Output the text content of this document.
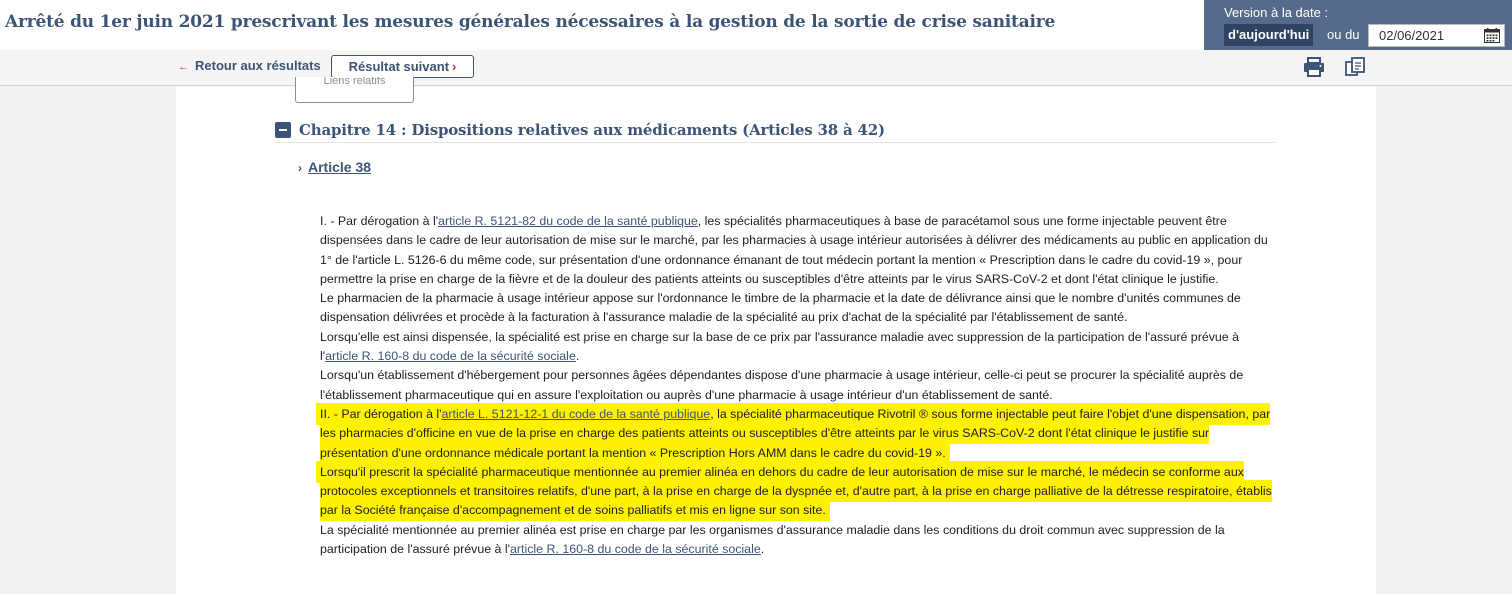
Arrêté du 1er juin 2021 prescrivant les mesures générales nécessaires à la gestion de la sortie de crise sanitaire	Version à la date :
d'aujourd'hui	ou du	02/06/2021
← Retour aux résultats	Résultat suivant ›
Liens relatifs
Chapitre 14 : Dispositions relatives aux médicaments (Articles 38 à 42)
› Article 38

I. - Par dérogation à l'article R. 5121-82 du code de la santé publique, les spécialités pharmaceutiques à base de paracétamol sous une forme injectable peuvent être dispensées dans le cadre de leur autorisation de mise sur le marché, par les pharmacies à usage intérieur autorisées à délivrer des médicaments au public en application du 1° de l'article L. 5126-6 du même code, sur présentation d'une ordonnance émanant de tout médecin portant la mention « Prescription dans le cadre du covid-19 », pour permettre la prise en charge de la fièvre et de la douleur des patients atteints ou susceptibles d'être atteints par le virus SARS-CoV-2 et dont l'état clinique le justifie.

Le pharmacien de la pharmacie à usage intérieur appose sur l'ordonnance le timbre de la pharmacie et la date de délivrance ainsi que le nombre d'unités communes de dispensation délivrées et procède à la facturation à l'assurance maladie de la spécialité au prix d'achat de la spécialité par l'établissement de santé.

Lorsqu'elle est ainsi dispensée, la spécialité est prise en charge sur la base de ce prix par l'assurance maladie avec suppression de la participation de l'assuré prévue à l'article R. 160-8 du code de la sécurité sociale.

Lorsqu'un établissement d'hébergement pour personnes âgées dépendantes dispose d'une pharmacie à usage intérieur, celle-ci peut se procurer la spécialité auprès de l'établissement pharmaceutique qui en assure l'exploitation ou auprès d'une pharmacie à usage intérieur d'un établissement de santé.

II. - Par dérogation à l'article L. 5121-12-1 du code de la santé publique, la spécialité pharmaceutique Rivotril ® sous forme injectable peut faire l'objet d'une dispensation, par les pharmacies d'officine en vue de la prise en charge des patients atteints ou susceptibles d'être atteints par le virus SARS-CoV-2 dont l'état clinique le justifie sur présentation d'une ordonnance médicale portant la mention « Prescription Hors AMM dans le cadre du covid-19 ».

Lorsqu'il prescrit la spécialité pharmaceutique mentionnée au premier alinéa en dehors du cadre de leur autorisation de mise sur le marché, le médecin se conforme aux protocoles exceptionnels et transitoires relatifs, d'une part, à la prise en charge de la dyspnée et, d'autre part, à la prise en charge palliative de la détresse respiratoire, établis par la Société française d'accompagnement et de soins palliatifs et mis en ligne sur son site.

La spécialité mentionnée au premier alinéa est prise en charge par les organismes d'assurance maladie dans les conditions du droit commun avec suppression de la participation de l'assuré prévue à l'article R. 160-8 du code de la sécurité sociale.
